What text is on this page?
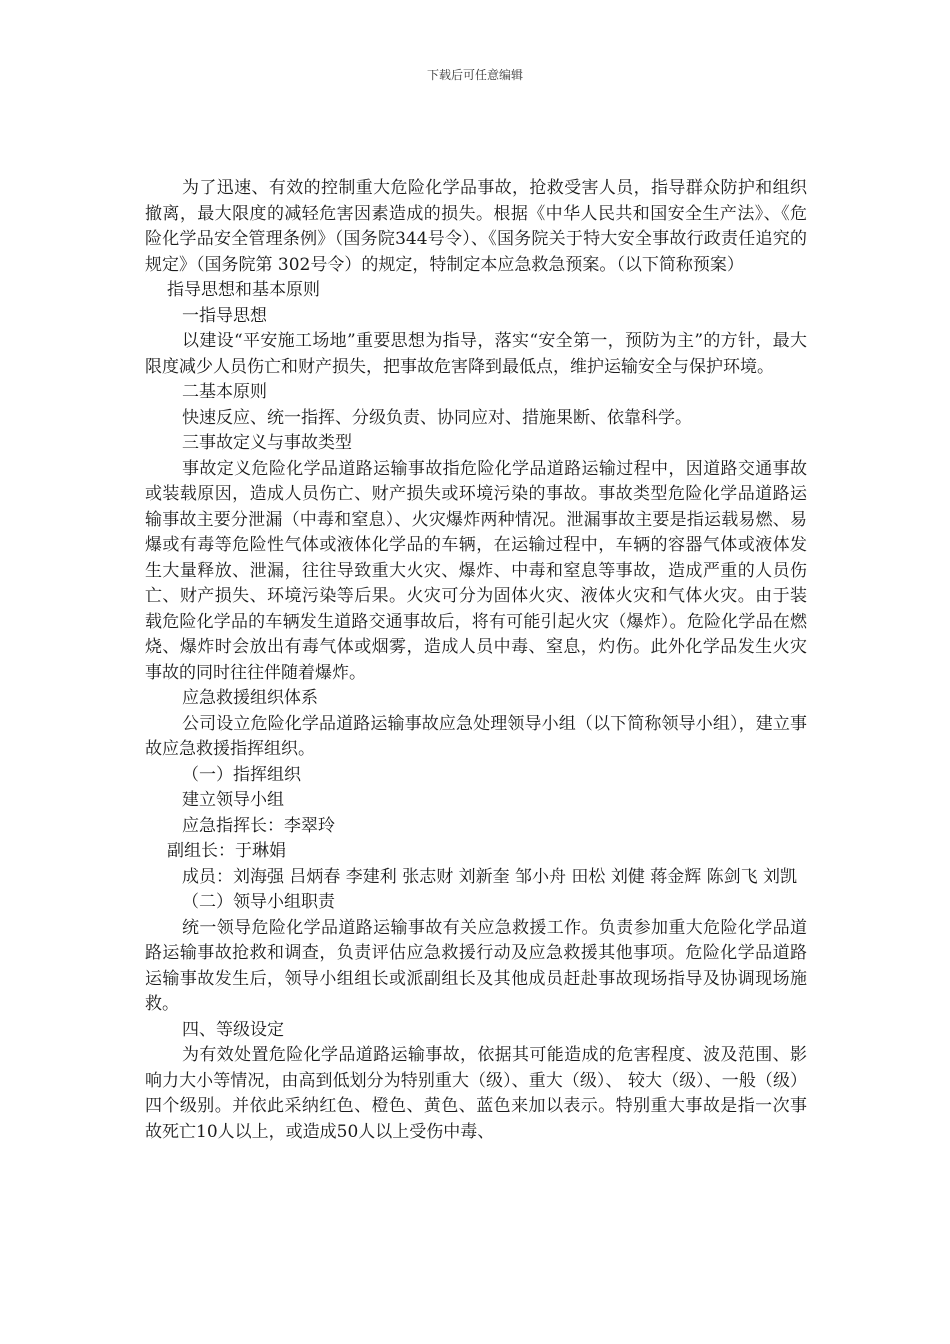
下载后可任意编辑

为了迅速、有效的控制重大危险化学品事故，抢救受害人员，指导群众防护和组织撤离，最大限度的减轻危害因素造成的损失。根据《中华人民共和国安全生产法》、《危险化学品安全管理条例》（国务院344号令）、《国务院关于特大安全事故行政责任追究的规定》（国务院第 302号令）的规定，特制定本应急救急预案。（以下简称预案）

指导思想和基本原则

一指导思想

以建设“平安施工场地”重要思想为指导，落实“安全第一，预防为主”的方针，最大限度减少人员伤亡和财产损失，把事故危害降到最低点，维护运输安全与保护环境。

二基本原则

快速反应、统一指挥、分级负责、协同应对、措施果断、依靠科学。

三事故定义与事故类型

事故定义危险化学品道路运输事故指危险化学品道路运输过程中，因道路交通事故或装载原因，造成人员伤亡、财产损失或环境污染的事故。事故类型危险化学品道路运输事故主要分泄漏（中毒和窒息）、火灾爆炸两种情况。泄漏事故主要是指运载易燃、易爆或有毒等危险性气体或液体化学品的车辆，在运输过程中，车辆的容器气体或液体发生大量释放、泄漏，往往导致重大火灾、爆炸、中毒和窒息等事故，造成严重的人员伤亡、财产损失、环境污染等后果。火灾可分为固体火灾、液体火灾和气体火灾。由于装载危险化学品的车辆发生道路交通事故后，将有可能引起火灾（爆炸）。危险化学品在燃烧、爆炸时会放出有毒气体或烟雾，造成人员中毒、窒息，灼伤。此外化学品发生火灾事故的同时往往伴随着爆炸。

应急救援组织体系

公司设立危险化学品道路运输事故应急处理领导小组（以下简称领导小组），建立事故应急救援指挥组织。

（一）指挥组织

建立领导小组

应急指挥长：李翠玲

副组长：于琳娟

成员：刘海强 吕炳春 李建利 张志财 刘新奎 邹小舟 田松 刘健 蒋金辉 陈剑飞 刘凯

（二）领导小组职责

统一领导危险化学品道路运输事故有关应急救援工作。负责参加重大危险化学品道路运输事故抢救和调查，负责评估应急救援行动及应急救援其他事项。危险化学品道路运输事故发生后，领导小组组长或派副组长及其他成员赶赴事故现场指导及协调现场施救。

四、等级设定

为有效处置危险化学品道路运输事故，依据其可能造成的危害程度、波及范围、影响力大小等情况，由高到低划分为特别重大（级）、重大（级）、 较大（级）、一般（级）四个级别。并依此采纳红色、橙色、黄色、蓝色来加以表示。特别重大事故是指一次事故死亡10人以上，或造成50人以上受伤中毒、
